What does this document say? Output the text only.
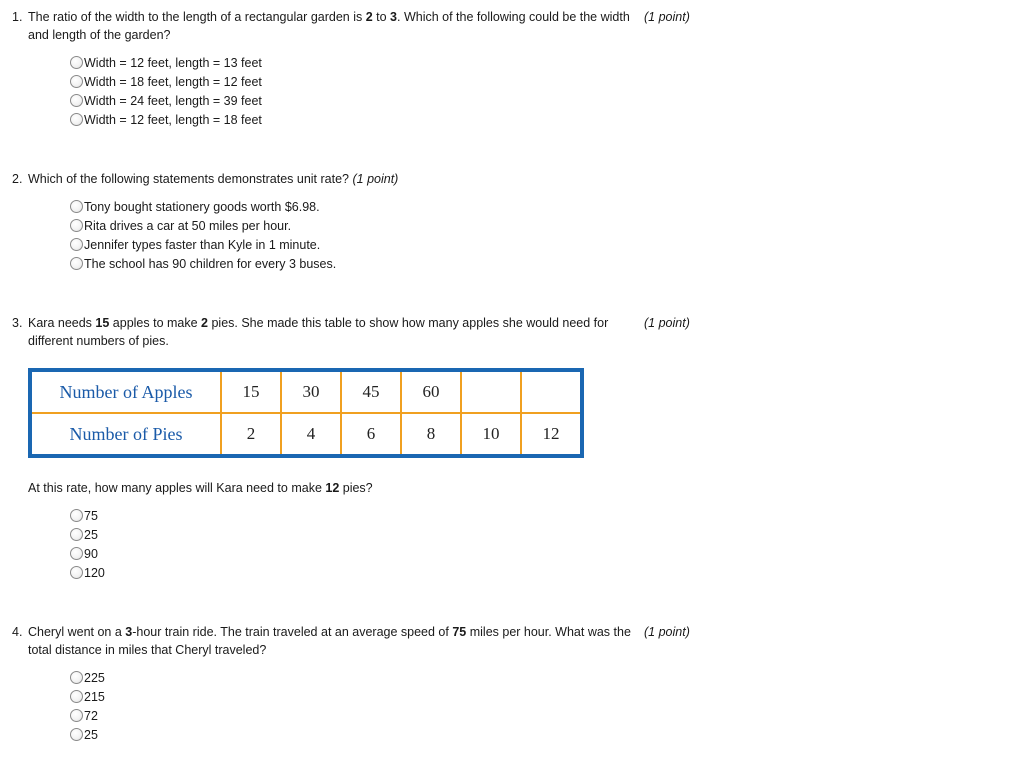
1. The ratio of the width to the length of a rectangular garden is 2 to 3. Which of the following could be the width and length of the garden?
(1 point)
Width = 12 feet, length = 13 feet
Width = 18 feet, length = 12 feet
Width = 24 feet, length = 39 feet
Width = 12 feet, length = 18 feet
2. Which of the following statements demonstrates unit rate? (1 point)
Tony bought stationery goods worth $6.98.
Rita drives a car at 50 miles per hour.
Jennifer types faster than Kyle in 1 minute.
The school has 90 children for every 3 buses.
3. Kara needs 15 apples to make 2 pies. She made this table to show how many apples she would need for different numbers of pies.
(1 point)
Number of Apples	15	30	45	60		
Number of Pies	2	4	6	8	10	12
At this rate, how many apples will Kara need to make 12 pies?
75
25
90
120
4. Cheryl went on a 3-hour train ride. The train traveled at an average speed of 75 miles per hour. What was the total distance in miles that Cheryl traveled?
(1 point)
225
215
72
25
